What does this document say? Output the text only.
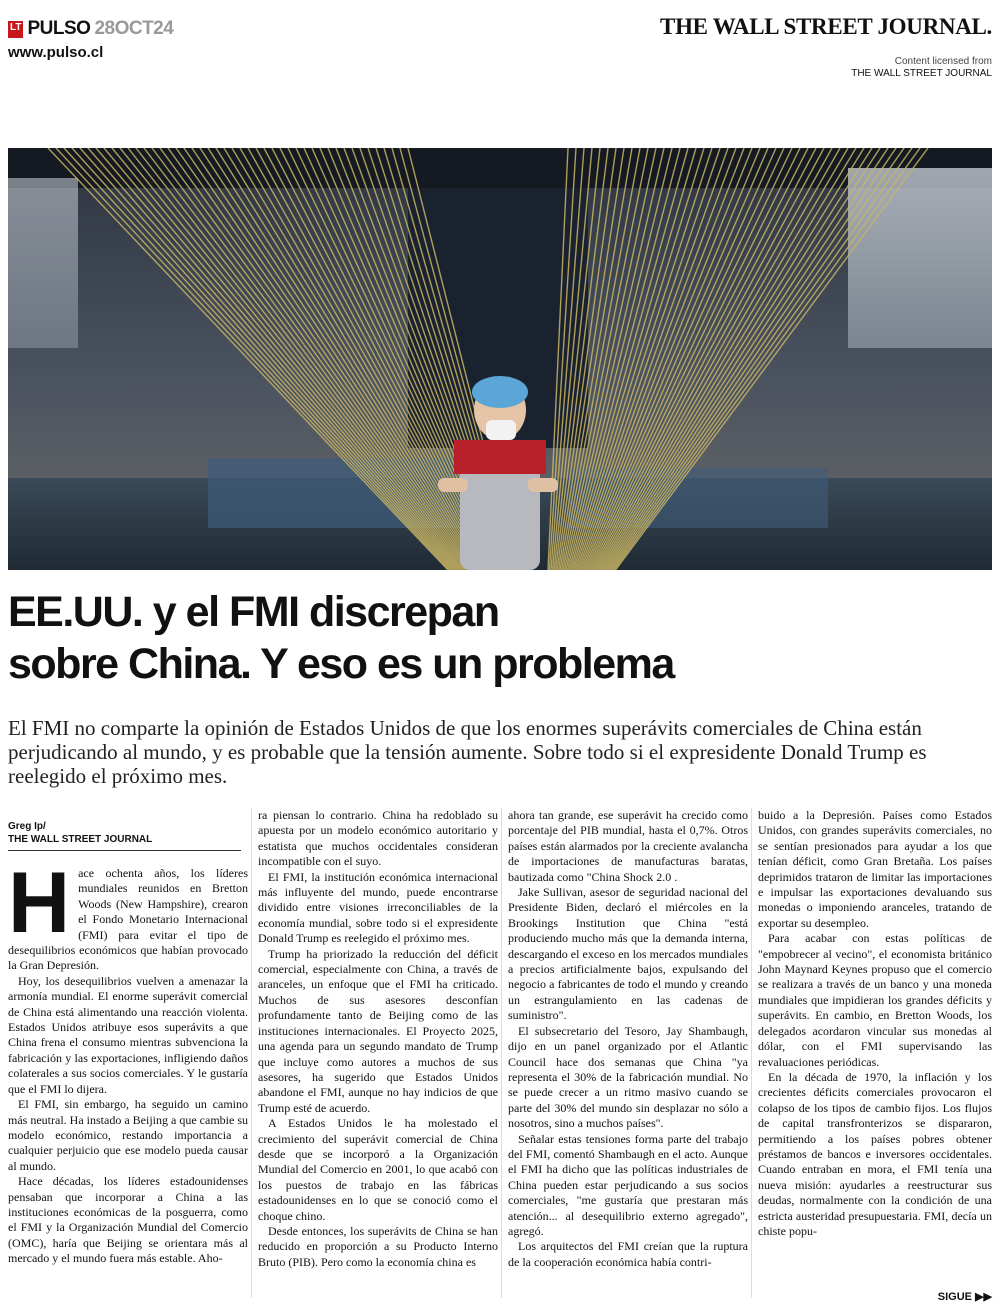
LT PULSO 28OCT24
www.pulso.cl
THE WALL STREET JOURNAL.
Content licensed from
THE WALL STREET JOURNAL
EE.UU. y el FMI discrepan
sobre China. Y eso es un problema

El FMI no comparte la opinión de Estados Unidos de que los enormes superávits comerciales de China están perjudicando al mundo, y es probable que la tensión aumente. Sobre todo si el expresidente Donald Trump es reelegido el próximo mes.

Greg Ip/
THE WALL STREET JOURNAL

Hace ochenta años, los líderes mundiales reunidos en Bretton Woods (New Hampshire), crearon el Fondo Monetario Internacional (FMI) para evitar el tipo de desequilibrios económicos que habían provocado la Gran Depresión.

Hoy, los desequilibrios vuelven a amenazar la armonía mundial. El enorme superávit comercial de China está alimentando una reacción violenta. Estados Unidos atribuye esos superávits a que China frena el consumo mientras subvenciona la fabricación y las exportaciones, infligiendo daños colaterales a sus socios comerciales. Y le gustaría que el FMI lo dijera.

El FMI, sin embargo, ha seguido un camino más neutral. Ha instado a Beijing a que cambie su modelo económico, restando importancia a cualquier perjuicio que ese modelo pueda causar al mundo.

Hace décadas, los líderes estadounidenses pensaban que incorporar a China a las instituciones económicas de la posguerra, como el FMI y la Organización Mundial del Comercio (OMC), haría que Beijing se orientara más al mercado y el mundo fuera más estable. Aho-

ra piensan lo contrario. China ha redoblado su apuesta por un modelo económico autoritario y estatista que muchos occidentales consideran incompatible con el suyo.

El FMI, la institución económica internacional más influyente del mundo, puede encontrarse dividido entre visiones irreconciliables de la economía mundial, sobre todo si el expresidente Donald Trump es reelegido el próximo mes.

Trump ha priorizado la reducción del déficit comercial, especialmente con China, a través de aranceles, un enfoque que el FMI ha criticado. Muchos de sus asesores desconfían profundamente tanto de Beijing como de las instituciones internacionales. El Proyecto 2025, una agenda para un segundo mandato de Trump que incluye como autores a muchos de sus asesores, ha sugerido que Estados Unidos abandone el FMI, aunque no hay indicios de que Trump esté de acuerdo.

A Estados Unidos le ha molestado el crecimiento del superávit comercial de China desde que se incorporó a la Organización Mundial del Comercio en 2001, lo que acabó con los puestos de trabajo en las fábricas estadounidenses en lo que se conoció como el choque chino.

Desde entonces, los superávits de China se han reducido en proporción a su Producto Interno Bruto (PIB). Pero como la economía china es

ahora tan grande, ese superávit ha crecido como porcentaje del PIB mundial, hasta el 0,7%. Otros países están alarmados por la creciente avalancha de importaciones de manufacturas baratas, bautizada como "China Shock 2.0 .

Jake Sullivan, asesor de seguridad nacional del Presidente Biden, declaró el miércoles en la Brookings Institution que China "está produciendo mucho más que la demanda interna, descargando el exceso en los mercados mundiales a precios artificialmente bajos, expulsando del negocio a fabricantes de todo el mundo y creando un estrangulamiento en las cadenas de suministro".

El subsecretario del Tesoro, Jay Shambaugh, dijo en un panel organizado por el Atlantic Council hace dos semanas que China "ya representa el 30% de la fabricación mundial. No se puede crecer a un ritmo masivo cuando se parte del 30% del mundo sin desplazar no sólo a nosotros, sino a muchos países".

Señalar estas tensiones forma parte del trabajo del FMI, comentó Shambaugh en el acto. Aunque el FMI ha dicho que las políticas industriales de China pueden estar perjudicando a sus socios comerciales, "me gustaría que prestaran más atención... al desequilibrio externo agregado", agregó.

Los arquitectos del FMI creían que la ruptura de la cooperación económica había contri-

buido a la Depresión. Países como Estados Unidos, con grandes superávits comerciales, no se sentían presionados para ayudar a los que tenían déficit, como Gran Bretaña. Los países deprimidos trataron de limitar las importaciones e impulsar las exportaciones devaluando sus monedas o imponiendo aranceles, tratando de exportar su desempleo.

Para acabar con estas políticas de "empobrecer al vecino", el economista británico John Maynard Keynes propuso que el comercio se realizara a través de un banco y una moneda mundiales que impidieran los grandes déficits y superávits. En cambio, en Bretton Woods, los delegados acordaron vincular sus monedas al dólar, con el FMI supervisando las revaluaciones periódicas.

En la década de 1970, la inflación y los crecientes déficits comerciales provocaron el colapso de los tipos de cambio fijos. Los flujos de capital transfronterizos se dispararon, permitiendo a los países pobres obtener préstamos de bancos e inversores occidentales. Cuando entraban en mora, el FMI tenía una nueva misión: ayudarles a reestructurar sus deudas, normalmente con la condición de una estricta austeridad presupuestaria. FMI, decía un chiste popu-

SIGUE ▶▶
